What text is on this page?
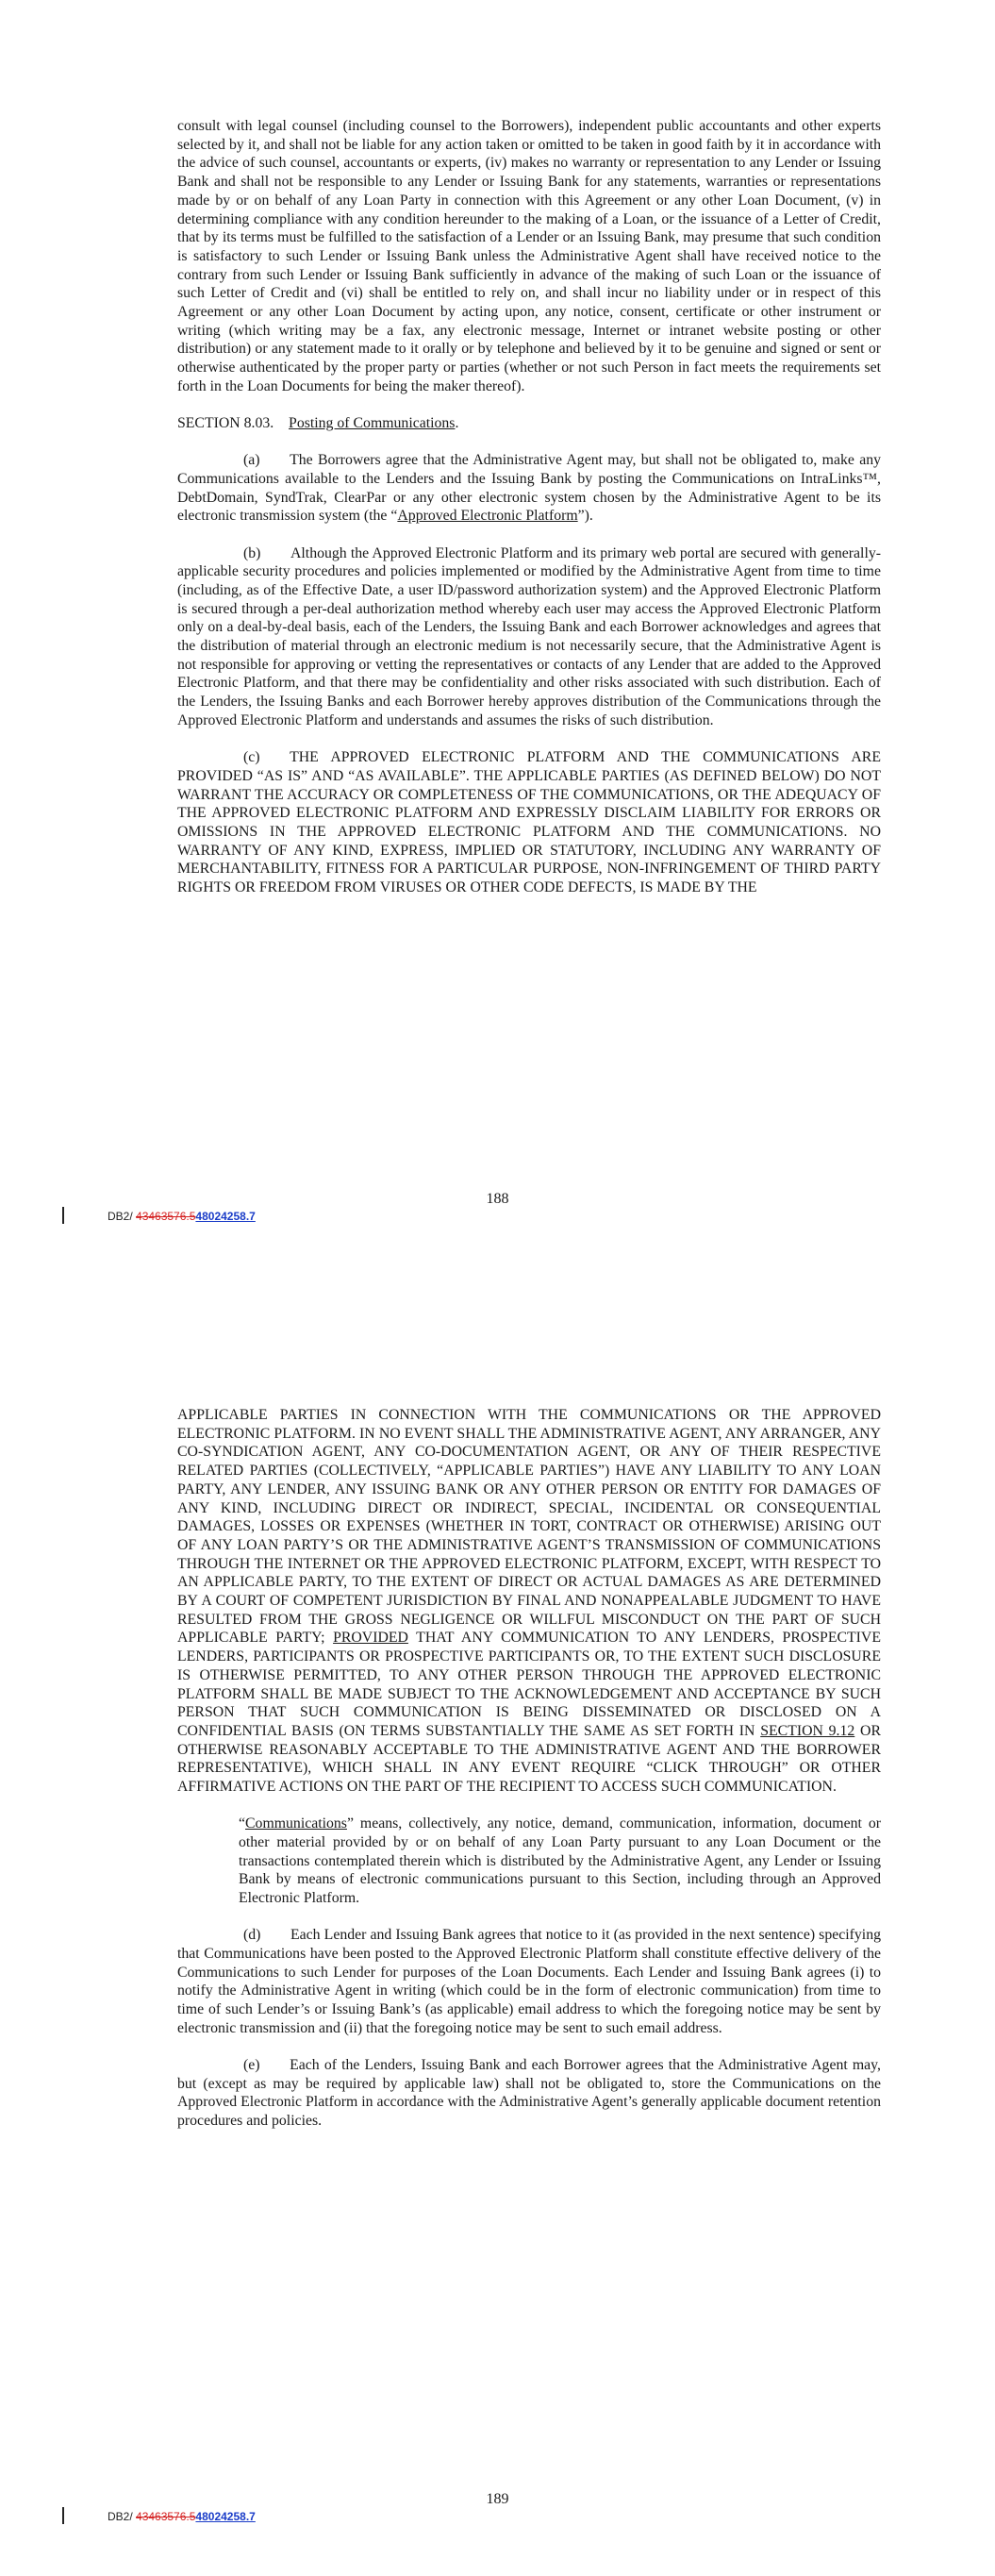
consult with legal counsel (including counsel to the Borrowers), independent public accountants and other experts selected by it, and shall not be liable for any action taken or omitted to be taken in good faith by it in accordance with the advice of such counsel, accountants or experts, (iv) makes no warranty or representation to any Lender or Issuing Bank and shall not be responsible to any Lender or Issuing Bank for any statements, warranties or representations made by or on behalf of any Loan Party in connection with this Agreement or any other Loan Document, (v) in determining compliance with any condition hereunder to the making of a Loan, or the issuance of a Letter of Credit, that by its terms must be fulfilled to the satisfaction of a Lender or an Issuing Bank, may presume that such condition is satisfactory to such Lender or Issuing Bank unless the Administrative Agent shall have received notice to the contrary from such Lender or Issuing Bank sufficiently in advance of the making of such Loan or the issuance of such Letter of Credit and (vi) shall be entitled to rely on, and shall incur no liability under or in respect of this Agreement or any other Loan Document by acting upon, any notice, consent, certificate or other instrument or writing (which writing may be a fax, any electronic message, Internet or intranet website posting or other distribution) or any statement made to it orally or by telephone and believed by it to be genuine and signed or sent or otherwise authenticated by the proper party or parties (whether or not such Person in fact meets the requirements set forth in the Loan Documents for being the maker thereof).

SECTION 8.03. Posting of Communications.

(a)  The Borrowers agree that the Administrative Agent may, but shall not be obligated to, make any Communications available to the Lenders and the Issuing Bank by posting the Communications on IntraLinks™, DebtDomain, SyndTrak, ClearPar or any other electronic system chosen by the Administrative Agent to be its electronic transmission system (the “Approved Electronic Platform”).

(b)  Although the Approved Electronic Platform and its primary web portal are secured with generally-applicable security procedures and policies implemented or modified by the Administrative Agent from time to time (including, as of the Effective Date, a user ID/password authorization system) and the Approved Electronic Platform is secured through a per-deal authorization method whereby each user may access the Approved Electronic Platform only on a deal-by-deal basis, each of the Lenders, the Issuing Bank and each Borrower acknowledges and agrees that the distribution of material through an electronic medium is not necessarily secure, that the Administrative Agent is not responsible for approving or vetting the representatives or contacts of any Lender that are added to the Approved Electronic Platform, and that there may be confidentiality and other risks associated with such distribution. Each of the Lenders, the Issuing Banks and each Borrower hereby approves distribution of the Communications through the Approved Electronic Platform and understands and assumes the risks of such distribution.

(c)  THE APPROVED ELECTRONIC PLATFORM AND THE COMMUNICATIONS ARE PROVIDED “AS IS” AND “AS AVAILABLE”. THE APPLICABLE PARTIES (AS DEFINED BELOW) DO NOT WARRANT THE ACCURACY OR COMPLETENESS OF THE COMMUNICATIONS, OR THE ADEQUACY OF THE APPROVED ELECTRONIC PLATFORM AND EXPRESSLY DISCLAIM LIABILITY FOR ERRORS OR OMISSIONS IN THE APPROVED ELECTRONIC PLATFORM AND THE COMMUNICATIONS. NO WARRANTY OF ANY KIND, EXPRESS, IMPLIED OR STATUTORY, INCLUDING ANY WARRANTY OF MERCHANTABILITY, FITNESS FOR A PARTICULAR PURPOSE, NON-INFRINGEMENT OF THIRD PARTY RIGHTS OR FREEDOM FROM VIRUSES OR OTHER CODE DEFECTS, IS MADE BY THE

DB2/ 43463576.548024258.7
188

APPLICABLE PARTIES IN CONNECTION WITH THE COMMUNICATIONS OR THE APPROVED ELECTRONIC PLATFORM. IN NO EVENT SHALL THE ADMINISTRATIVE AGENT, ANY ARRANGER, ANY CO-SYNDICATION AGENT, ANY CO-DOCUMENTATION AGENT, OR ANY OF THEIR RESPECTIVE RELATED PARTIES (COLLECTIVELY, “APPLICABLE PARTIES”) HAVE ANY LIABILITY TO ANY LOAN PARTY, ANY LENDER, ANY ISSUING BANK OR ANY OTHER PERSON OR ENTITY FOR DAMAGES OF ANY KIND, INCLUDING DIRECT OR INDIRECT, SPECIAL, INCIDENTAL OR CONSEQUENTIAL DAMAGES, LOSSES OR EXPENSES (WHETHER IN TORT, CONTRACT OR OTHERWISE) ARISING OUT OF ANY LOAN PARTY’S OR THE ADMINISTRATIVE AGENT’S TRANSMISSION OF COMMUNICATIONS THROUGH THE INTERNET OR THE APPROVED ELECTRONIC PLATFORM, EXCEPT, WITH RESPECT TO AN APPLICABLE PARTY, TO THE EXTENT OF DIRECT OR ACTUAL DAMAGES AS ARE DETERMINED BY A COURT OF COMPETENT JURISDICTION BY FINAL AND NONAPPEALABLE JUDGMENT TO HAVE RESULTED FROM THE GROSS NEGLIGENCE OR WILLFUL MISCONDUCT ON THE PART OF SUCH APPLICABLE PARTY; PROVIDED THAT ANY COMMUNICATION TO ANY LENDERS, PROSPECTIVE LENDERS, PARTICIPANTS OR PROSPECTIVE PARTICIPANTS OR, TO THE EXTENT SUCH DISCLOSURE IS OTHERWISE PERMITTED, TO ANY OTHER PERSON THROUGH THE APPROVED ELECTRONIC PLATFORM SHALL BE MADE SUBJECT TO THE ACKNOWLEDGEMENT AND ACCEPTANCE BY SUCH PERSON THAT SUCH COMMUNICATION IS BEING DISSEMINATED OR DISCLOSED ON A CONFIDENTIAL BASIS (ON TERMS SUBSTANTIALLY THE SAME AS SET FORTH IN SECTION 9.12 OR OTHERWISE REASONABLY ACCEPTABLE TO THE ADMINISTRATIVE AGENT AND THE BORROWER REPRESENTATIVE), WHICH SHALL IN ANY EVENT REQUIRE “CLICK THROUGH” OR OTHER AFFIRMATIVE ACTIONS ON THE PART OF THE RECIPIENT TO ACCESS SUCH COMMUNICATION.

“Communications” means, collectively, any notice, demand, communication, information, document or other material provided by or on behalf of any Loan Party pursuant to any Loan Document or the transactions contemplated therein which is distributed by the Administrative Agent, any Lender or Issuing Bank by means of electronic communications pursuant to this Section, including through an Approved Electronic Platform.

(d)  Each Lender and Issuing Bank agrees that notice to it (as provided in the next sentence) specifying that Communications have been posted to the Approved Electronic Platform shall constitute effective delivery of the Communications to such Lender for purposes of the Loan Documents. Each Lender and Issuing Bank agrees (i) to notify the Administrative Agent in writing (which could be in the form of electronic communication) from time to time of such Lender’s or Issuing Bank’s (as applicable) email address to which the foregoing notice may be sent by electronic transmission and (ii) that the foregoing notice may be sent to such email address.

(e)  Each of the Lenders, Issuing Bank and each Borrower agrees that the Administrative Agent may, but (except as may be required by applicable law) shall not be obligated to, store the Communications on the Approved Electronic Platform in accordance with the Administrative Agent’s generally applicable document retention procedures and policies.

DB2/ 43463576.548024258.7
189
